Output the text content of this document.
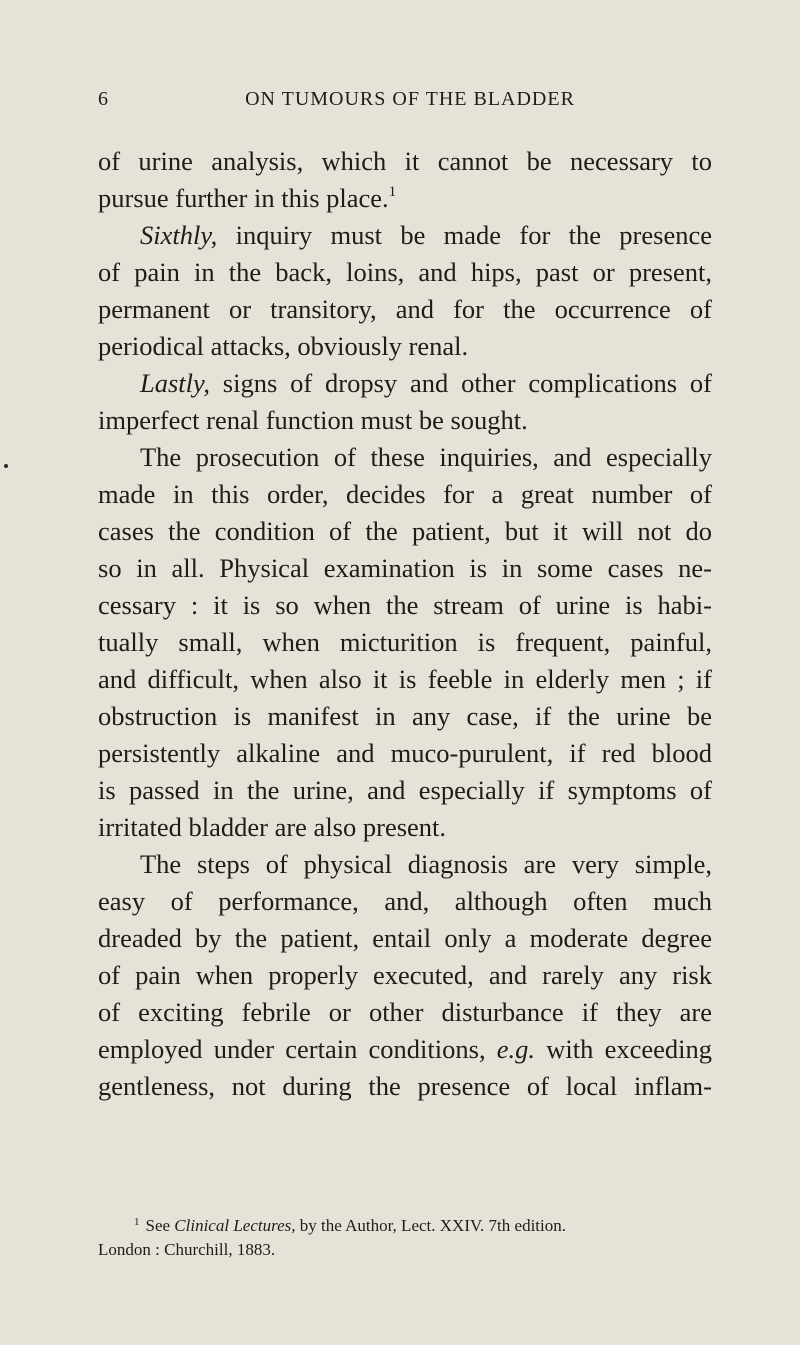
6	ON TUMOURS OF THE BLADDER
of urine analysis, which it cannot be necessary to
pursue further in this place.$^1$
Sixthly, inquiry must be made for the presence
of pain in the back, loins, and hips, past or present,
permanent or transitory, and for the occurrence of
periodical attacks, obviously renal.
Lastly, signs of dropsy and other complications of
imperfect renal function must be sought.
The prosecution of these inquiries, and especially
made in this order, decides for a great number of
cases the condition of the patient, but it will not do
so in all. Physical examination is in some cases ne-
cessary : it is so when the stream of urine is habi-
tually small, when micturition is frequent, painful,
and difficult, when also it is feeble in elderly men ; if
obstruction is manifest in any case, if the urine be
persistently alkaline and muco-purulent, if red blood
is passed in the urine, and especially if symptoms of
irritated bladder are also present.
The steps of physical diagnosis are very simple,
easy of performance, and, although often much
dreaded by the patient, entail only a moderate degree
of pain when properly executed, and rarely any risk
of exciting febrile or other disturbance if they are
employed under certain conditions, e.g. with exceeding
gentleness, not during the presence of local inflam-
$^1$ See Clinical Lectures, by the Author, Lect. XXIV. 7th edition.
London : Churchill, 1883.
